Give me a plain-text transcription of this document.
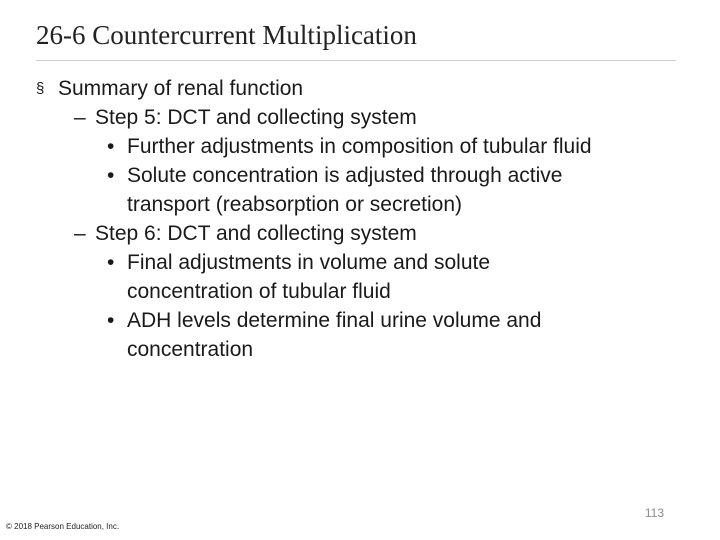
26-6 Countercurrent Multiplication
§ Summary of renal function
– Step 5: DCT and collecting system
• Further adjustments in composition of tubular fluid
• Solute concentration is adjusted through active
transport (reabsorption or secretion)
– Step 6: DCT and collecting system
• Final adjustments in volume and solute
concentration of tubular fluid
• ADH levels determine final urine volume and
concentration
113
© 2018 Pearson Education, Inc.
